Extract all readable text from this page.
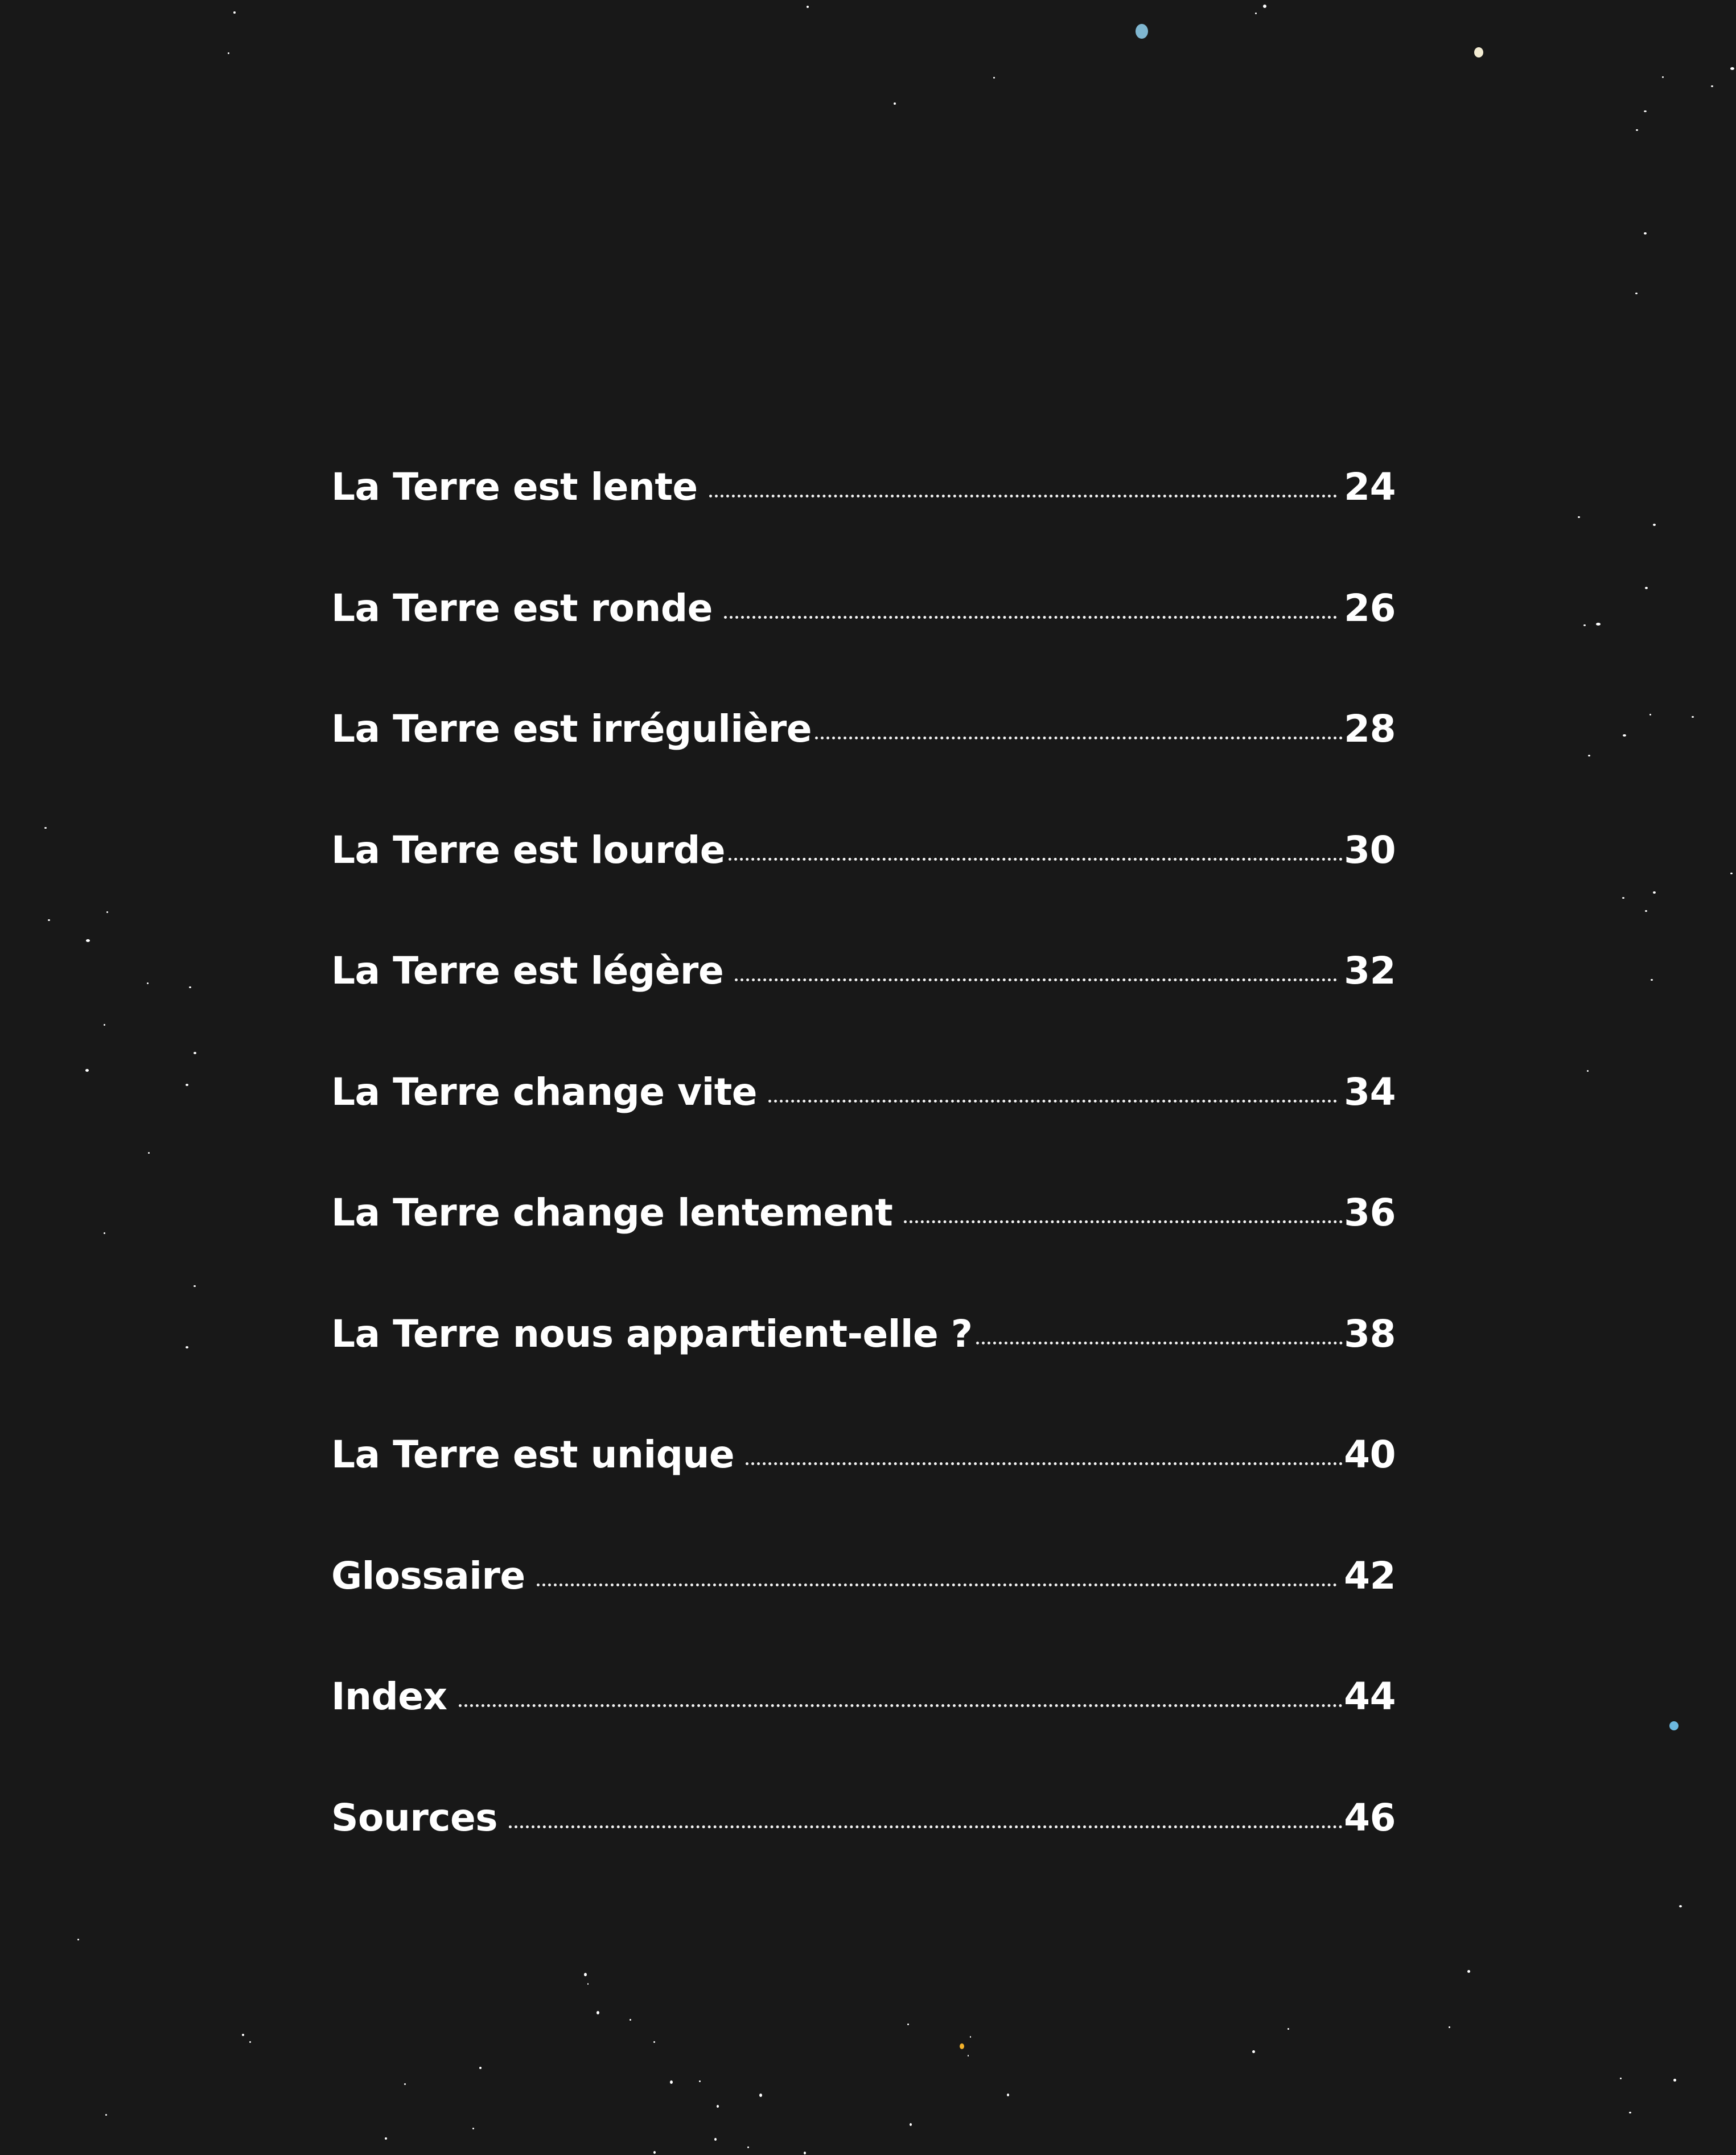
La Terre est lente	24
La Terre est ronde	26
La Terre est irrégulière	28
La Terre est lourde	30
La Terre est légère	32
La Terre change vite	34
La Terre change lentement	36
La Terre nous appartient-elle ?	38
La Terre est unique	40
Glossaire	42
Index	44
Sources	46
